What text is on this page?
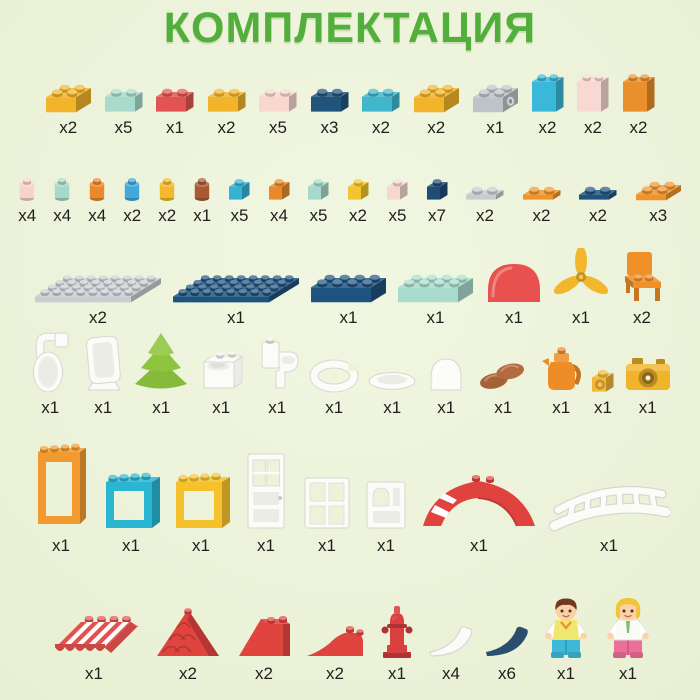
КОМПЛЕКТАЦИЯ
x2 x5 x1 x2 x5 x3 x2 x2 x1 x2 x2 x2
x4 x4 x4 x2 x2 x1 x5 x4 x5 x2 x5 x7 x2 x2 x2 x3
x2	x1	x1	x1	x1	x1	x2
x1 x1 x1 x1 x1 x1 x1 x1 x1 x1 x1 x1
x1	x1	x1	x1	x1 x1	x1	x1
x1	x2	x2	x2	x1 x4 x6 x1	x1
